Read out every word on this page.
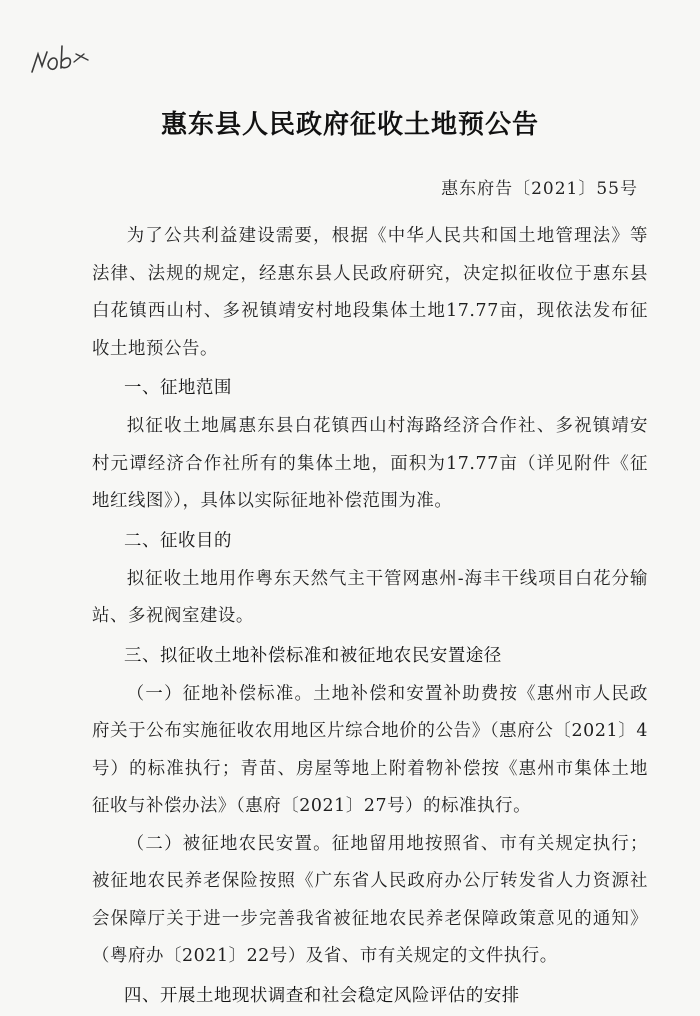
惠东县人民政府征收土地预公告
惠东府告〔2021〕55号

为了公共利益建设需要，根据《中华人民共和国土地管理法》等法律、法规的规定，经惠东县人民政府研究，决定拟征收位于惠东县白花镇西山村、多祝镇靖安村地段集体土地17.77亩，现依法发布征收土地预公告。

一、征地范围

拟征收土地属惠东县白花镇西山村海路经济合作社、多祝镇靖安村元谭经济合作社所有的集体土地，面积为17.77亩（详见附件《征地红线图》），具体以实际征地补偿范围为准。

二、征收目的

拟征收土地用作粤东天然气主干管网惠州-海丰干线项目白花分输站、多祝阀室建设。

三、拟征收土地补偿标准和被征地农民安置途径

（一）征地补偿标准。土地补偿和安置补助费按《惠州市人民政府关于公布实施征收农用地区片综合地价的公告》（惠府公〔2021〕4号）的标准执行；青苗、房屋等地上附着物补偿按《惠州市集体土地征收与补偿办法》（惠府〔2021〕27号）的标准执行。

（二）被征地农民安置。征地留用地按照省、市有关规定执行；被征地农民养老保险按照《广东省人民政府办公厅转发省人力资源社会保障厅关于进一步完善我省被征地农民养老保障政策意见的通知》（粤府办〔2021〕22号）及省、市有关规定的文件执行。

四、开展土地现状调查和社会稳定风险评估的安排
